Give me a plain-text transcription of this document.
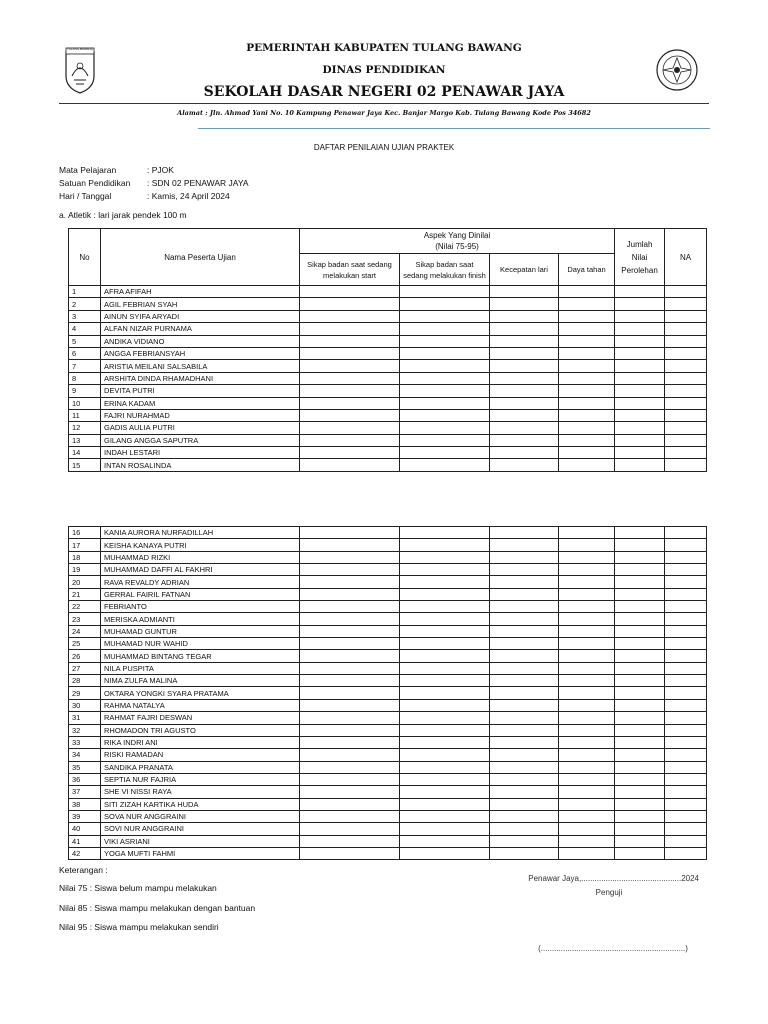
TULANG BAWANG	PEMERINTAH KABUPATEN TULANG BAWANG
DINAS PENDIDIKAN
SEKOLAH DASAR NEGERI 02 PENAWAR JAYA
Alamat : Jln. Ahmad Yani No. 10 Kampung Penawar Jaya Kec. Banjar Margo Kab. Tulang Bawang Kode Pos 34682
DAFTAR PENILAIAN UJIAN PRAKTEK
Mata Pelajaran	: PJOK
Satuan Pendidikan : SDN 02 PENAWAR JAYA
Hari / Tanggal	: Kamis, 24 April 2024
a. Atletik : lari jarak pendek 100 m
No	Nama Peserta Ujian	Aspek Yang Dinilai
(Nilai 75-95)				Jumlah Nilai Perolehan	NA
		Sikap badan saat sedang melakukan start	Sikap badan saat sedang melakukan finish	Kecepatan lari	Daya tahan		
1	AFRA AFIFAH						
2	AGIL FEBRIAN SYAH						
3	AINUN SYIFA ARYADI						
4	ALFAN NIZAR PURNAMA						
5	ANDIKA VIDIANO						
6	ANGGA FEBRIANSYAH						
7	ARISTIA MEILANI SALSABILA						
8	ARSHITA DINDA RHAMADHANI						
9	DEVITA PUTRI						
10	ERINA KADAM						
11	FAJRI NURAHMAD						
12	GADIS AULIA PUTRI						
13	GILANG ANGGA SAPUTRA						
14	INDAH LESTARI						
15	INTAN ROSALINDA						
16	KANIA AURORA NURFADILLAH						
17	KEISHA KANAYA PUTRI						
18	MUHAMMAD RIZKI						
19	MUHAMMAD DAFFI AL FAKHRI						
20	RAVA REVALDY ADRIAN						
21	GERRAL FAIRIL FATNAN						
22	FEBRIANTO						
23	MERISKA ADMIANTI						
24	MUHAMAD GUNTUR						
25	MUHAMAD NUR WAHID						
26	MUHAMMAD BINTANG TEGAR						
27	NILA PUSPITA						
28	NIMA ZULFA MALINA						
29	OKTARA YONGKI SYARA PRATAMA						
30	RAHMA NATALYA						
31	RAHMAT FAJRI DESWAN						
32	RHOMADON TRI AGUSTO						
33	RIKA INDRI ANI						
34	RISKI RAMADAN						
35	SANDIKA PRANATA						
36	SEPTIA NUR FAJRIA						
37	SHE VI NISSI RAYA						
38	SITI ZIZAH KARTIKA HUDA						
39	SOVA NUR ANGGRAINI						
40	SOVI NUR ANGGRAINI						
41	VIKI ASRIANI						
42	YOGA MUFTI FAHMI						
Keterangan :
Nilai 75 : Siswa belum mampu melakukan
Nilai 85 : Siswa mampu melakukan dengan bantuan
Nilai 95 : Siswa mampu melakukan sendiri
Penawar Jaya,.............................................2024
Penguji
(.................................................................)
